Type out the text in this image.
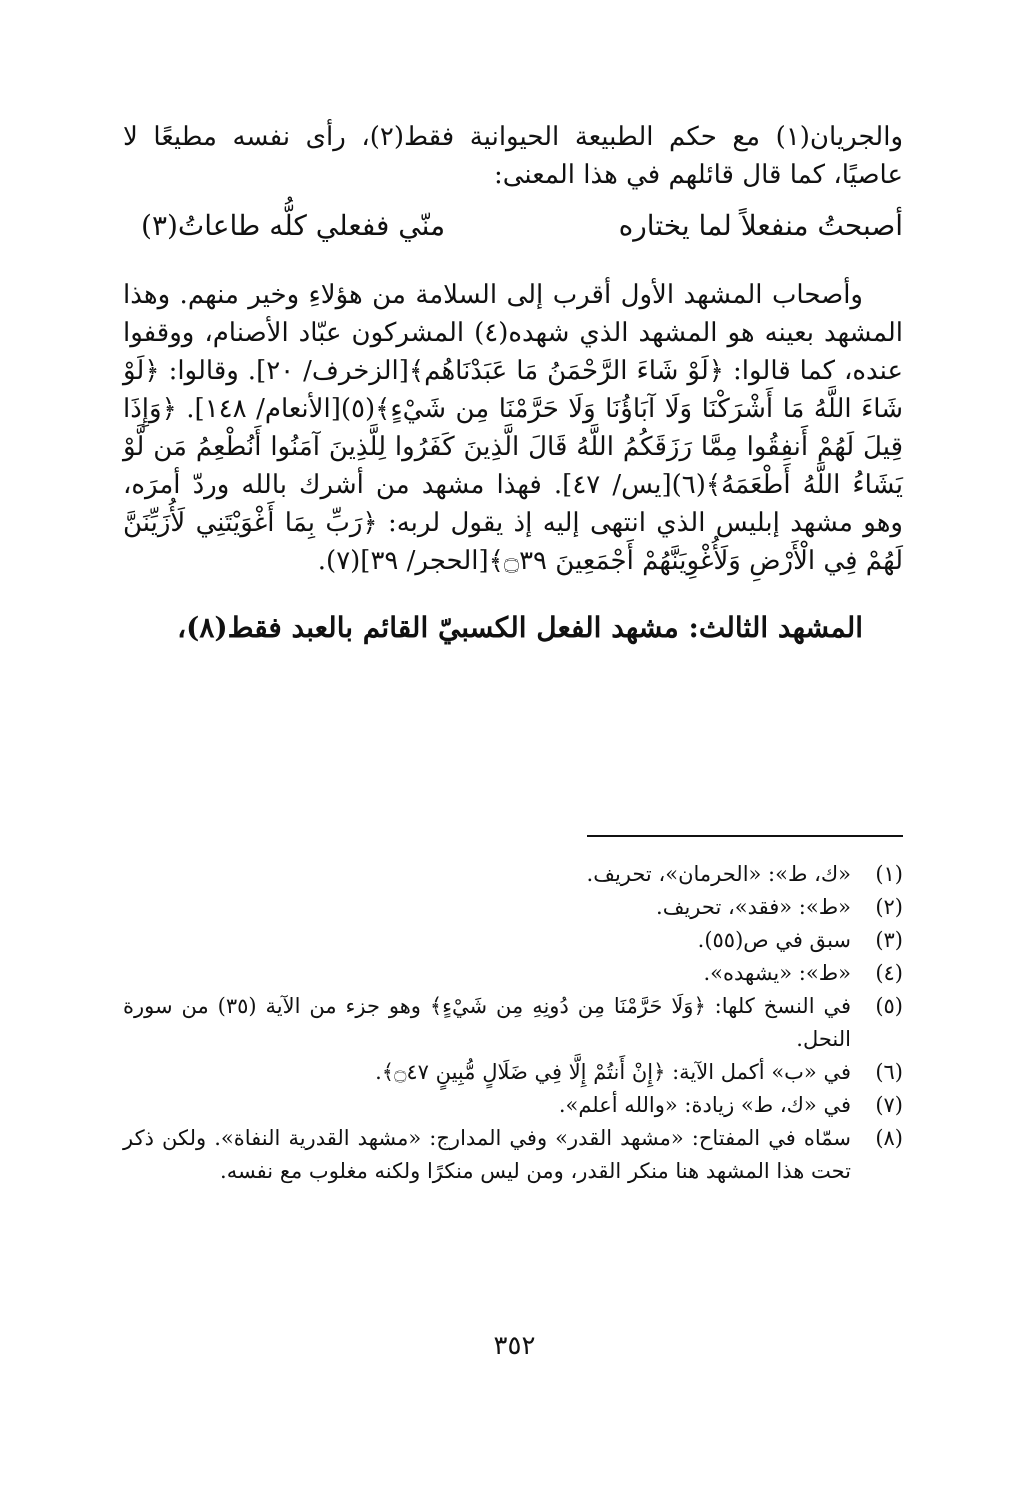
والجريان(١) مع حكم الطبيعة الحيوانية فقط(٢)، رأى نفسه مطيعًا لا عاصيًا، كما قال قائلهم في هذا المعنى:

أصبحتُ منفعلاً لما يختاره
منّي ففعلي كلُّه طاعاتُ(٣)

وأصحاب المشهد الأول أقرب إلى السلامة من هؤلاءِ وخير منهم. وهذا المشهد بعينه هو المشهد الذي شهده(٤) المشركون عبّاد الأصنام، ووقفوا عنده، كما قالوا: ﴿لَوْ شَاءَ الرَّحْمَنُ مَا عَبَدْنَاهُم﴾[الزخرف/ ٢٠]. وقالوا: ﴿لَوْ شَاءَ اللَّهُ مَا أَشْرَكْنَا وَلَا آبَاؤُنَا وَلَا حَرَّمْنَا مِن شَيْءٍ﴾(٥)[الأنعام/ ١٤٨]. ﴿وَإِذَا قِيلَ لَهُمْ أَنفِقُوا مِمَّا رَزَقَكُمُ اللَّهُ قَالَ الَّذِينَ كَفَرُوا لِلَّذِينَ آمَنُوا أَنُطْعِمُ مَن لَّوْ يَشَاءُ اللَّهُ أَطْعَمَهُ﴾(٦)[يس/ ٤٧]. فهذا مشهد من أشرك بالله وردّ أمرَه، وهو مشهد إبليس الذي انتهى إليه إذ يقول لربه: ﴿رَبِّ بِمَا أَغْوَيْتَنِي لَأُزَيِّنَنَّ لَهُمْ فِي الْأَرْضِ وَلَأُغْوِيَنَّهُمْ أَجْمَعِينَ ۝٣٩﴾[الحجر/ ٣٩](٧).

المشهد الثالث: مشهد الفعل الكسبيّ القائم بالعبد فقط(٨)،
(١)
«ك، ط»: «الحرمان»، تحريف.
(٢)
«ط»: «فقد»، تحريف.
(٣)
سبق في ص(٥٥).
(٤)
«ط»: «يشهده».
(٥)
في النسخ كلها: ﴿وَلَا حَرَّمْنَا مِن دُونِهِ مِن شَيْءٍ﴾ وهو جزء من الآية (٣٥) من سورة النحل.
(٦)
في «ب» أكمل الآية: ﴿إِنْ أَنتُمْ إِلَّا فِي ضَلَالٍ مُّبِينٍ ۝٤٧﴾.
(٧)
في «ك، ط» زيادة: «والله أعلم».
(٨)
سمّاه في المفتاح: «مشهد القدر» وفي المدارج: «مشهد القدرية النفاة». ولكن ذكر تحت هذا المشهد هنا منكر القدر، ومن ليس منكرًا ولكنه مغلوب مع نفسه.
٣٥٢
